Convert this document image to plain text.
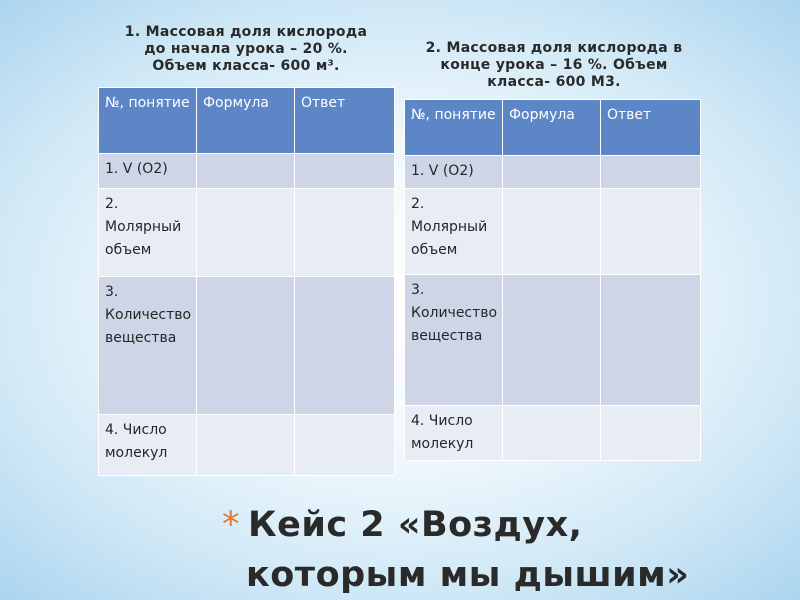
1. Массовая доля кислорода
до начала урока – 20 %.
Объем класса- 600 м³.
№, понятие	Формула	Ответ
1. V (O2)		
2. Молярный объем		
3. Количество вещества		
4. Число молекул		
2. Массовая доля кислорода в
конце урока – 16 %. Объем
класса- 600 М3.
№, понятие	Формула	Ответ
1. V (O2)		
2. Молярный объем		
3. Количество вещества		
4. Число молекул		
* Кейс 2 «Воздух,
которым мы дышим»
